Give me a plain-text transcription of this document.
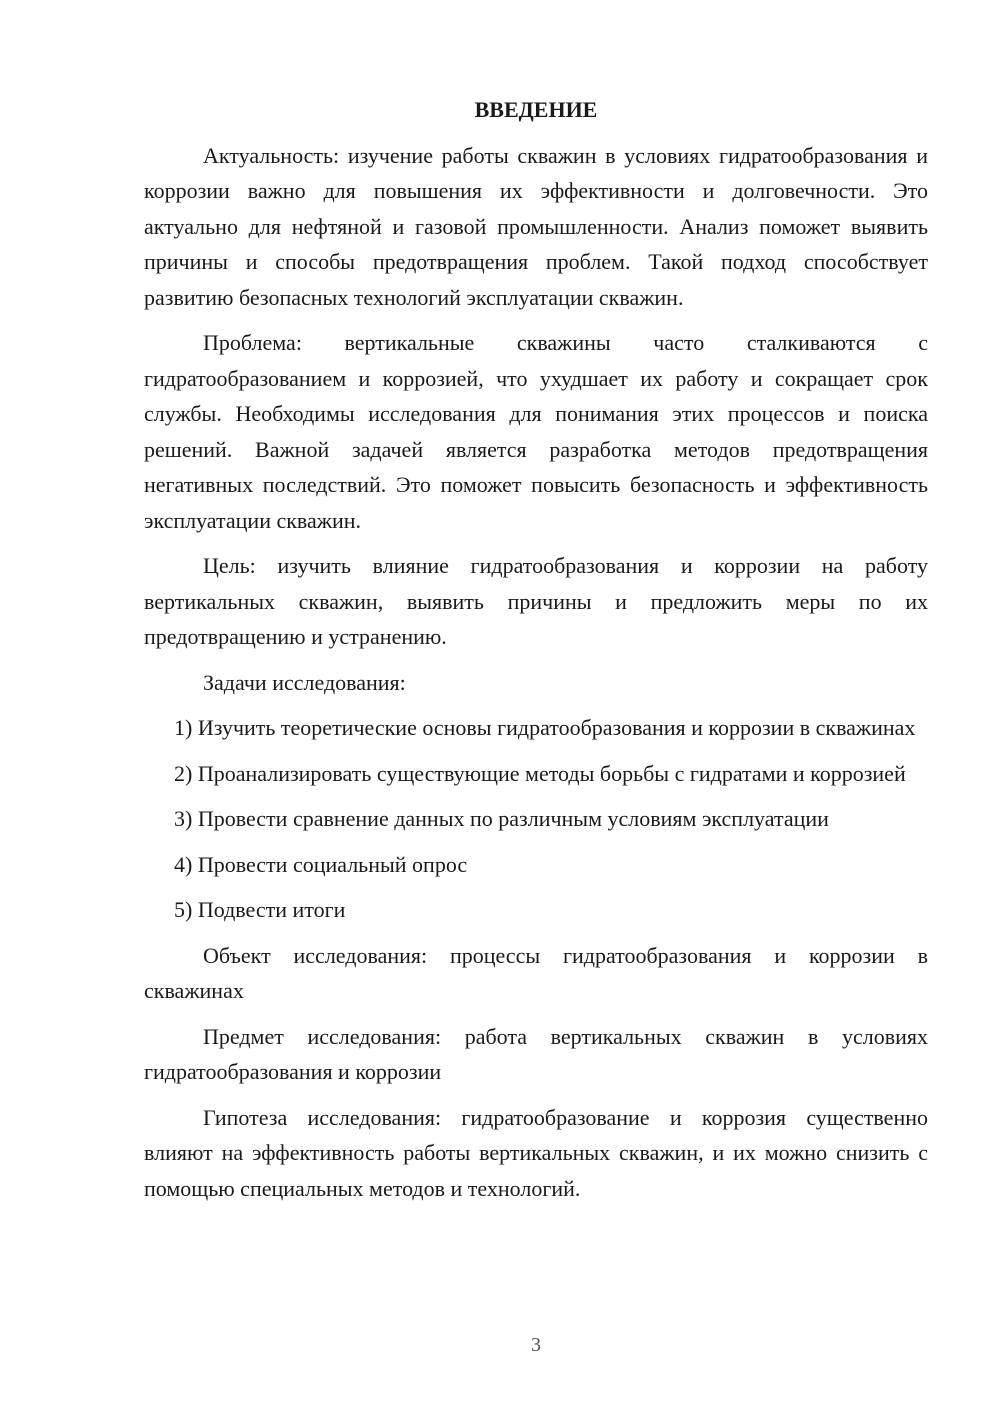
ВВЕДЕНИЕ

Актуальность: изучение работы скважин в условиях гидратообразования и коррозии важно для повышения их эффективности и долговечности. Это актуально для нефтяной и газовой промышленности. Анализ поможет выявить причины и способы предотвращения проблем. Такой подход способствует развитию безопасных технологий эксплуатации скважин.

Проблема: вертикальные скважины часто сталкиваются с гидратообразованием и коррозией, что ухудшает их работу и сокращает срок службы. Необходимы исследования для понимания этих процессов и поиска решений. Важной задачей является разработка методов предотвращения негативных последствий. Это поможет повысить безопасность и эффективность эксплуатации скважин.

Цель: изучить влияние гидратообразования и коррозии на работу вертикальных скважин, выявить причины и предложить меры по их предотвращению и устранению.

Задачи исследования:

1) Изучить теоретические основы гидратообразования и коррозии в скважинах

2) Проанализировать существующие методы борьбы с гидратами и коррозией

3) Провести сравнение данных по различным условиям эксплуатации

4) Провести социальный опрос

5) Подвести итоги

Объект исследования: процессы гидратообразования и коррозии в скважинах

Предмет исследования: работа вертикальных скважин в условиях гидратообразования и коррозии

Гипотеза исследования: гидратообразование и коррозия существенно влияют на эффективность работы вертикальных скважин, и их можно снизить с помощью специальных методов и технологий.

3
